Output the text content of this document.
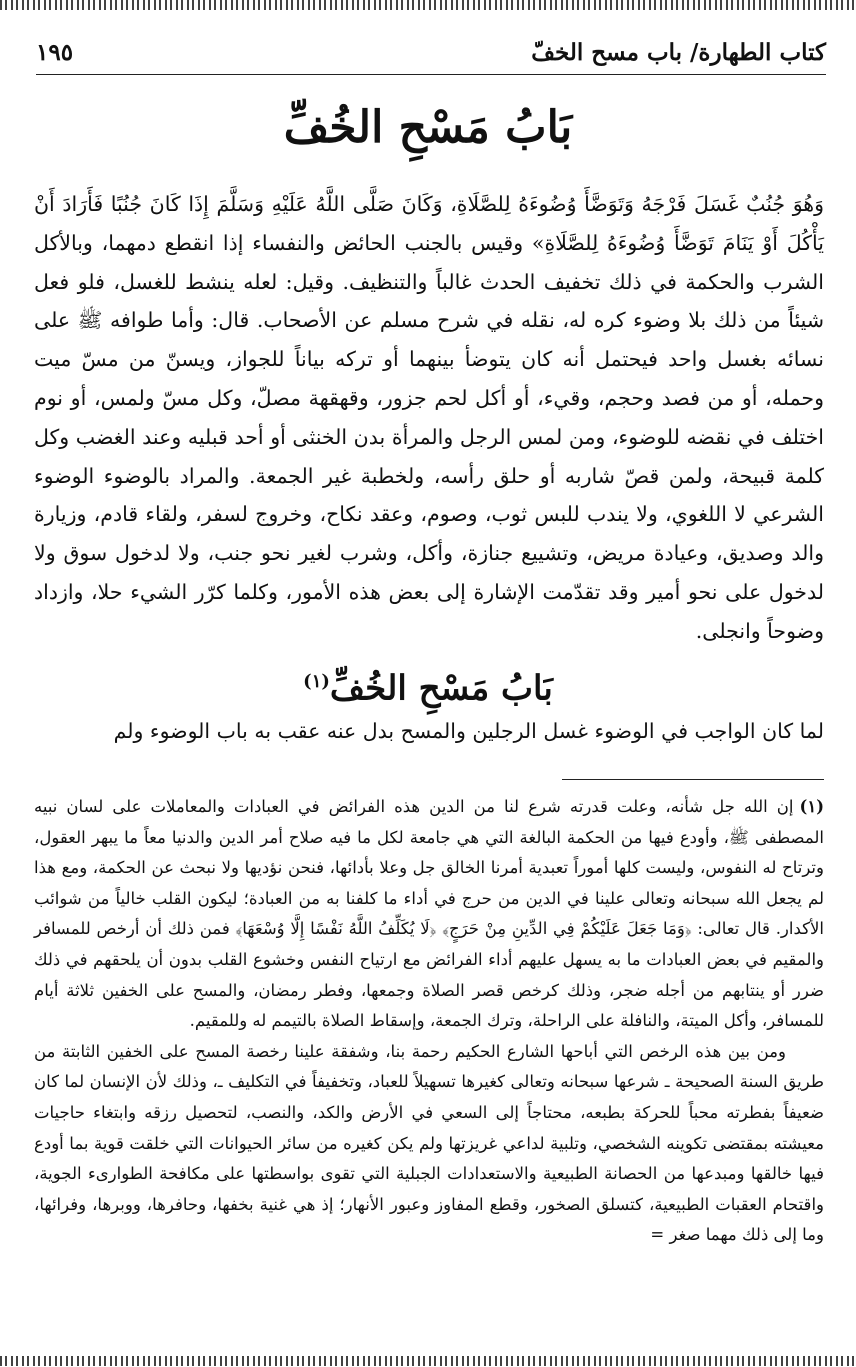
كتاب الطهارة/ باب مسح الخفّ
١٩٥
بَابُ مَسْحِ الخُفِّ

وَهُوَ جُنُبٌ غَسَلَ فَرْجَهُ وَتَوَضَّأَ وُضُوءَهُ لِلصَّلَاةِ، وَكَانَ صَلَّى اللَّهُ عَلَيْهِ وَسَلَّمَ إِذَا كَانَ جُنُبًا فَأَرَادَ أَنْ يَأْكُلَ أَوْ يَنَامَ تَوَضَّأَ وُضُوءَهُ لِلصَّلَاةِ» وقيس بالجنب الحائض والنفساء إذا انقطع دمهما، وبالأكل الشرب والحكمة في ذلك تخفيف الحدث غالباً والتنظيف. وقيل: لعله ينشط للغسل، فلو فعل شيئاً من ذلك بلا وضوء كره له، نقله في شرح مسلم عن الأصحاب. قال: وأما طوافه ﷺ على نسائه بغسل واحد فيحتمل أنه كان يتوضأ بينهما أو تركه بياناً للجواز، ويسنّ من مسّ ميت وحمله، أو من فصد وحجم، وقيء، أو أكل لحم جزور، وقهقهة مصلّ، وكل مسّ ولمس، أو نوم اختلف في نقضه للوضوء، ومن لمس الرجل والمرأة بدن الخنثى أو أحد قبليه وعند الغضب وكل كلمة قبيحة، ولمن قصّ شاربه أو حلق رأسه، ولخطبة غير الجمعة. والمراد بالوضوء الوضوء الشرعي لا اللغوي، ولا يندب للبس ثوب، وصوم، وعقد نكاح، وخروج لسفر، ولقاء قادم، وزيارة والد وصديق، وعيادة مريض، وتشييع جنازة، وأكل، وشرب لغير نحو جنب، ولا لدخول سوق ولا لدخول على نحو أمير وقد تقدّمت الإشارة إلى بعض هذه الأمور، وكلما كرّر الشيء حلا، وازداد وضوحاً وانجلى.

بَابُ مَسْحِ الخُفِّ$^{(١)}$

لما كان الواجب في الوضوء غسل الرجلين والمسح بدل عنه عقب به باب الوضوء ولم

(١)إن الله جل شأنه، وعلت قدرته شرع لنا من الدين هذه الفرائض في العبادات والمعاملات على لسان نبيه المصطفى ﷺ، وأودع فيها من الحكمة البالغة التي هي جامعة لكل ما فيه صلاح أمر الدين والدنيا معاً ما يبهر العقول، وترتاح له النفوس، وليست كلها أموراً تعبدية أمرنا الخالق جل وعلا بأدائها، فنحن نؤديها ولا نبحث عن الحكمة، ومع هذا لم يجعل الله سبحانه وتعالى علينا في الدين من حرج في أداء ما كلفنا به من العبادة؛ ليكون القلب خالياً من شوائب الأكدار. قال تعالى: ﴿وَمَا جَعَلَ عَلَيْكُمْ فِي الدِّينِ مِنْ حَرَجٍ﴾ ﴿لَا يُكَلِّفُ اللَّهُ نَفْسًا إِلَّا وُسْعَهَا﴾ فمن ذلك أن أرخص للمسافر والمقيم في بعض العبادات ما به يسهل عليهم أداء الفرائض مع ارتياح النفس وخشوع القلب بدون أن يلحقهم في ذلك ضرر أو ينتابهم من أجله ضجر، وذلك كرخص قصر الصلاة وجمعها، وفطر رمضان، والمسح على الخفين ثلاثة أيام للمسافر، وأكل الميتة، والنافلة على الراحلة، وترك الجمعة، وإسقاط الصلاة بالتيمم له وللمقيم.

ومن بين هذه الرخص التي أباحها الشارع الحكيم رحمة بنا، وشفقة علينا رخصة المسح على الخفين الثابتة من طريق السنة الصحيحة ـ شرعها سبحانه وتعالى كغيرها تسهيلاً للعباد، وتخفيفاً في التكليف ـ، وذلك لأن الإنسان لما كان ضعيفاً بفطرته محباً للحركة بطبعه، محتاجاً إلى السعي في الأرض والكد، والنصب، لتحصيل رزقه وابتغاء حاجيات معيشته بمقتضى تكوينه الشخصي، وتلبية لداعي غريزتها ولم يكن كغيره من سائر الحيوانات التي خلقت قوية بما أودع فيها خالقها ومبدعها من الحصانة الطبيعية والاستعدادات الجبلية التي تقوى بواسطتها على مكافحة الطوارىء الجوية، واقتحام العقبات الطبيعية، كتسلق الصخور، وقطع المفاوز وعبور الأنهار؛ إذ هي غنية بخفها، وحافرها، ووبرها، وفرائها، وما إلى ذلك مهما صغر =
